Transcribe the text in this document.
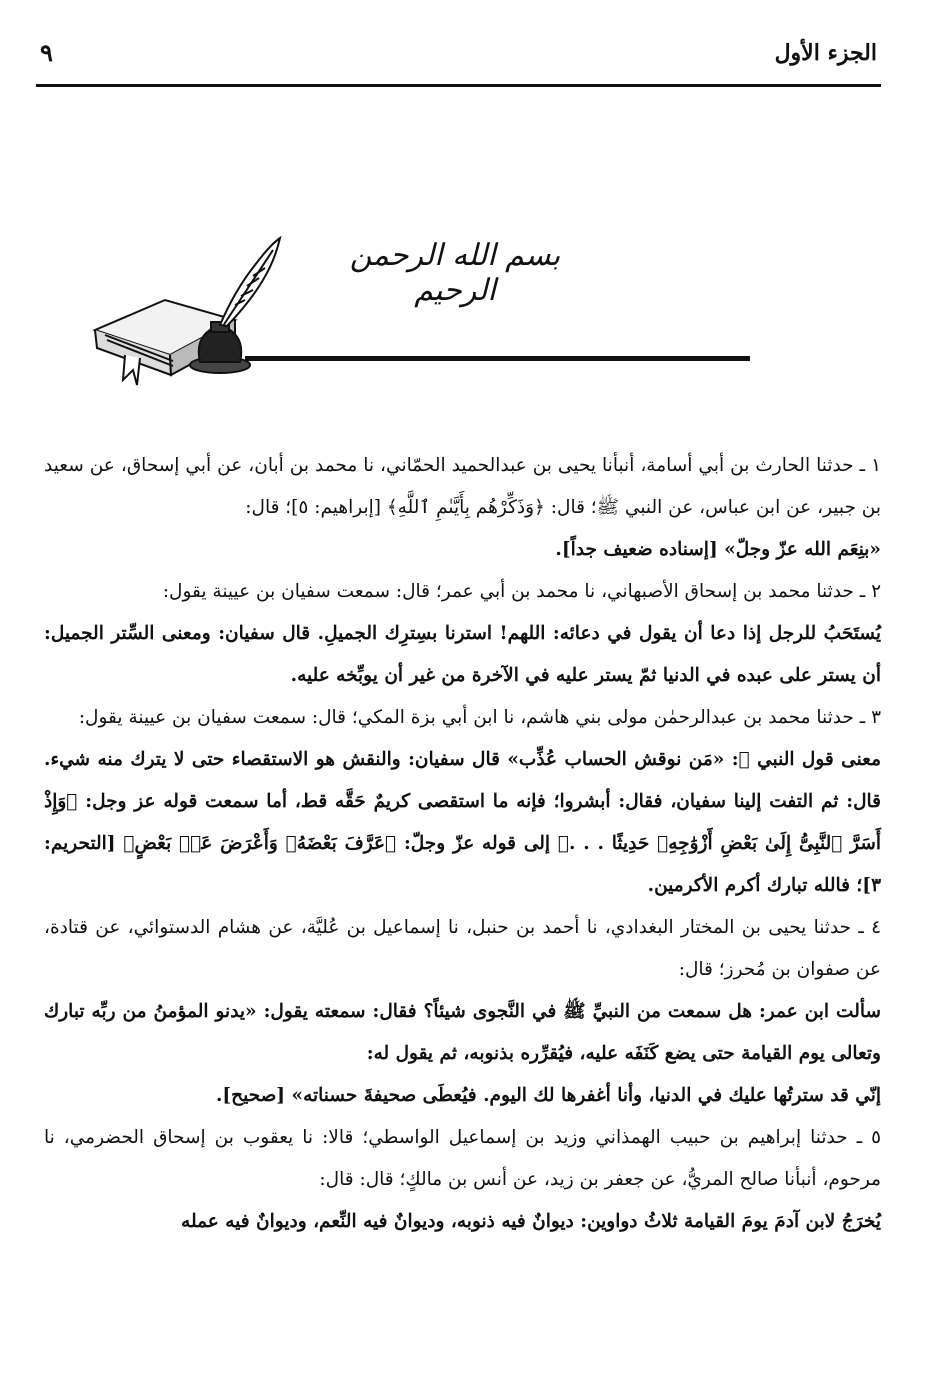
الجزء الأول
٩
بسم الله الرحمن الرحيم

١ ـ حدثنا الحارث بن أبي أسامة، أنبأنا يحيى بن عبدالحميد الحمّاني، نا محمد بن أبان، عن أبي إسحاق، عن سعيد بن جبير، عن ابن عباس، عن النبي ﷺ؛ قال: ﴿وَذَكِّرْهُم بِأَيَّىٰمِ ٱللَّهِ﴾ [إبراهيم: ٥]؛ قال:

«بنِعَم الله عزّ وجلّ» [إسناده ضعيف جداً].

٢ ـ حدثنا محمد بن إسحاق الأصبهاني، نا محمد بن أبي عمر؛ قال: سمعت سفيان بن عيينة يقول:

يُستَحَبُ للرجل إذا دعا أن يقول في دعائه: اللهم! استرنا بسِترِك الجميلِ. قال سفيان: ومعنى السِّتر الجميل: أن يستر على عبده في الدنيا ثمّ يستر عليه في الآخرة من غير أن يوبِّخه عليه.

٣ ـ حدثنا محمد بن عبدالرحمٰن مولى بني هاشم، نا ابن أبي بزة المكي؛ قال: سمعت سفيان بن عيينة يقول:

معنى قول النبي ﷺ: «مَن نوقش الحساب عُذِّب» قال سفيان: والنقش هو الاستقصاء حتى لا يترك منه شيء. قال: ثم التفت إلينا سفيان، فقال: أبشروا؛ فإنه ما استقصى كريمٌ حَقَّه قط، أما سمعت قوله عز وجل: ﴿وَإِذْ أَسَرَّ ٱلنَّبِىُّ إِلَىٰ بَعْضِ أَزْوَٰجِهِۦ حَدِيثًا . . .﴾ إلى قوله عزّ وجلّ: ﴿عَرَّفَ بَعْضَهُۥ وَأَعْرَضَ عَنۢ بَعْضٍ﴾ [التحريم: ٣]؛ فالله تبارك أكرم الأكرمين.

٤ ـ حدثنا يحيى بن المختار البغدادي، نا أحمد بن حنبل، نا إسماعيل بن عُليَّة، عن هشام الدستوائي، عن قتادة، عن صفوان بن مُحرز؛ قال:

سألت ابن عمر: هل سمعت من النبيِّ ﷺ في النَّجوى شيئاً؟ فقال: سمعته يقول: «يدنو المؤمنُ من ربِّه تبارك وتعالى يوم القيامة حتى يضع كَنَفَه عليه، فيُقرِّره بذنوبه، ثم يقول له:

إنّي قد سترتُها عليك في الدنيا، وأنا أغفرها لك اليوم. فيُعطَى صحيفةَ حسناته» [صحيح].

٥ ـ حدثنا إبراهيم بن حبيب الهمذاني وزيد بن إسماعيل الواسطي؛ قالا: نا يعقوب بن إسحاق الحضرمي، نا مرحوم، أنبأنا صالح المريُّ، عن جعفر بن زيد، عن أنس بن مالكٍ؛ قال: قال:

يُخرَجُ لابن آدمَ يومَ القيامة ثلاثُ دواوين: ديوانٌ فيه ذنوبه، وديوانٌ فيه النِّعم، وديوانٌ فيه عمله
